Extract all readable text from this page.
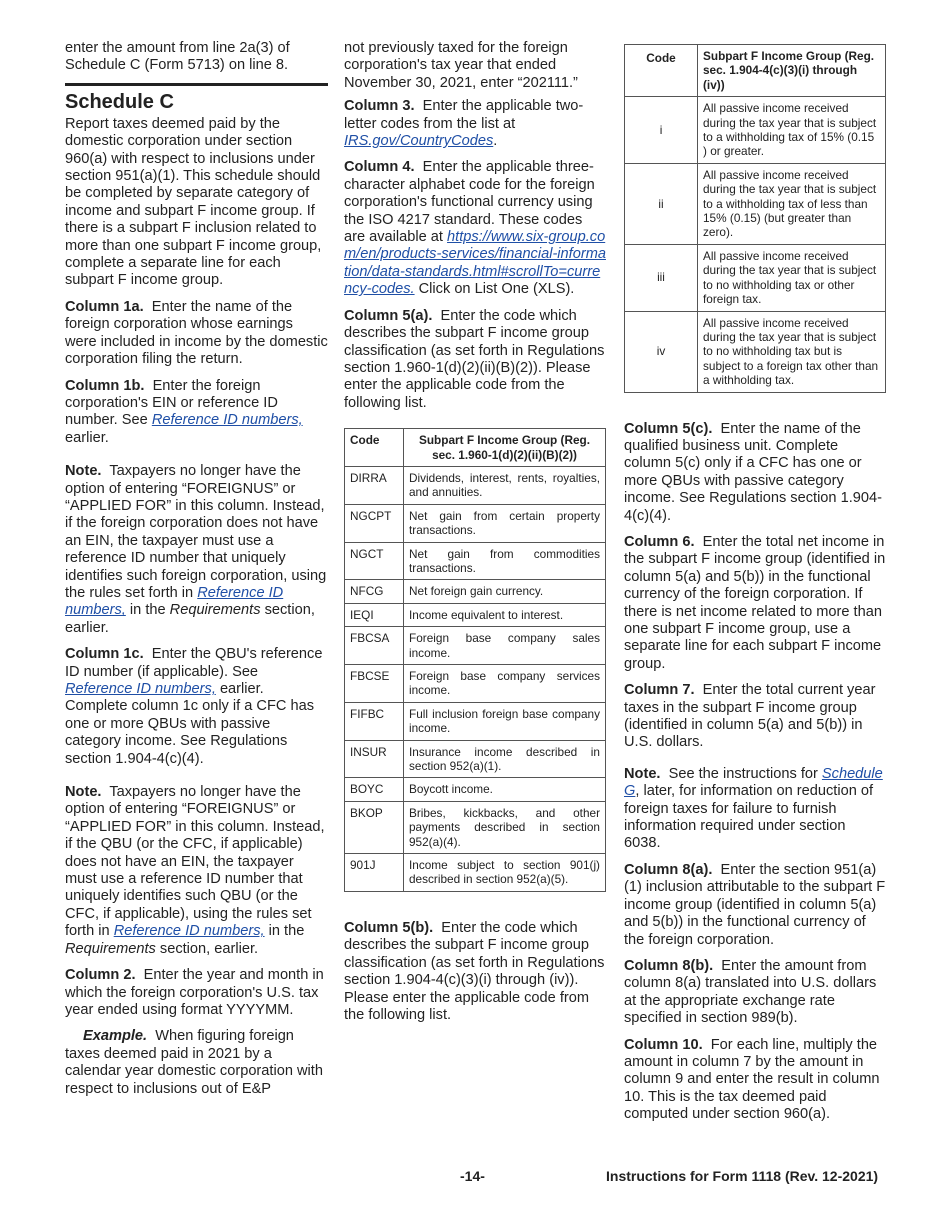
enter the amount from line 2a(3) of Schedule C (Form 5713) on line 8.

Schedule C

Report taxes deemed paid by the domestic corporation under section 960(a) with respect to inclusions under section 951(a)(1). This schedule should be completed by separate category of income and subpart F income group. If there is a subpart F inclusion related to more than one subpart F income group, complete a separate line for each subpart F income group.

Column 1a. Enter the name of the foreign corporation whose earnings were included in income by the domestic corporation filing the return.

Column 1b. Enter the foreign corporation's EIN or reference ID number. See Reference ID numbers, earlier.

Note. Taxpayers no longer have the option of entering “FOREIGNUS” or “APPLIED FOR” in this column. Instead, if the foreign corporation does not have an EIN, the taxpayer must use a reference ID number that uniquely identifies such foreign corporation, using the rules set forth in Reference ID numbers, in the Requirements section, earlier.

Column 1c. Enter the QBU's reference ID number (if applicable). See Reference ID numbers, earlier. Complete column 1c only if a CFC has one or more QBUs with passive category income. See Regulations section 1.904-4(c)(4).

Note. Taxpayers no longer have the option of entering “FOREIGNUS” or “APPLIED FOR” in this column. Instead, if the QBU (or the CFC, if applicable) does not have an EIN, the taxpayer must use a reference ID number that uniquely identifies such QBU (or the CFC, if applicable), using the rules set forth in Reference ID numbers, in the Requirements section, earlier.

Column 2. Enter the year and month in which the foreign corporation's U.S. tax year ended using format YYYYMM.

Example. When figuring foreign taxes deemed paid in 2021 by a calendar year domestic corporation with respect to inclusions out of E&P

not previously taxed for the foreign corporation's tax year that ended November 30, 2021, enter “202111.”

Column 3. Enter the applicable two-letter codes from the list at IRS.gov/CountryCodes.

Column 4. Enter the applicable three-character alphabet code for the foreign corporation's functional currency using the ISO 4217 standard. These codes are available at https://www.six-group.com/en/products-services/financial-information/data-standards.html#scrollTo=currency-codes. Click on List One (XLS).

Column 5(a). Enter the code which describes the subpart F income group classification (as set forth in Regulations section 1.960-1(d)(2)(ii)(B)(2)). Please enter the applicable code from the following list.

Code	Subpart F Income Group (Reg. sec. 1.960-1(d)(2)(ii)(B)(2))
DIRRA	Dividends, interest, rents, royalties, and annuities.
NGCPT	Net gain from certain property transactions.
NGCT	Net gain from commodities transactions.
NFCG	Net foreign gain currency.
IEQI	Income equivalent to interest.
FBCSA	Foreign base company sales income.
FBCSE	Foreign base company services income.
FIFBC	Full inclusion foreign base company income.
INSUR	Insurance income described in section 952(a)(1).
BOYC	Boycott income.
BKOP	Bribes, kickbacks, and other payments described in section 952(a)(4).
901J	Income subject to section 901(j) described in section 952(a)(5).

Column 5(b). Enter the code which describes the subpart F income group classification (as set forth in Regulations section 1.904-4(c)(3)(i) through (iv)). Please enter the applicable code from the following list.

Code	Subpart F Income Group (Reg. sec. 1.904-4(c)(3)(i) through (iv))
i	All passive income received during the tax year that is subject to a withholding tax of 15% (0.15 ) or greater.
ii	All passive income received during the tax year that is subject to a withholding tax of less than 15% (0.15) (but greater than zero).
iii	All passive income received during the tax year that is subject to no withholding tax or other foreign tax.
iv	All passive income received during the tax year that is subject to no withholding tax but is subject to a foreign tax other than a withholding tax.

Column 5(c). Enter the name of the qualified business unit. Complete column 5(c) only if a CFC has one or more QBUs with passive category income. See Regulations section 1.904-4(c)(4).

Column 6. Enter the total net income in the subpart F income group (identified in column 5(a) and 5(b)) in the functional currency of the foreign corporation. If there is net income related to more than one subpart F income group, use a separate line for each subpart F income group.

Column 7. Enter the total current year taxes in the subpart F income group (identified in column 5(a) and 5(b)) in U.S. dollars.

Note. See the instructions for Schedule G, later, for information on reduction of foreign taxes for failure to furnish information required under section 6038.

Column 8(a). Enter the section 951(a)(1) inclusion attributable to the subpart F income group (identified in column 5(a) and 5(b)) in the functional currency of the foreign corporation.

Column 8(b). Enter the amount from column 8(a) translated into U.S. dollars at the appropriate exchange rate specified in section 989(b).

Column 10. For each line, multiply the amount in column 7 by the amount in column 9 and enter the result in column 10. This is the tax deemed paid computed under section 960(a).

-14-	Instructions for Form 1118 (Rev. 12-2021)
